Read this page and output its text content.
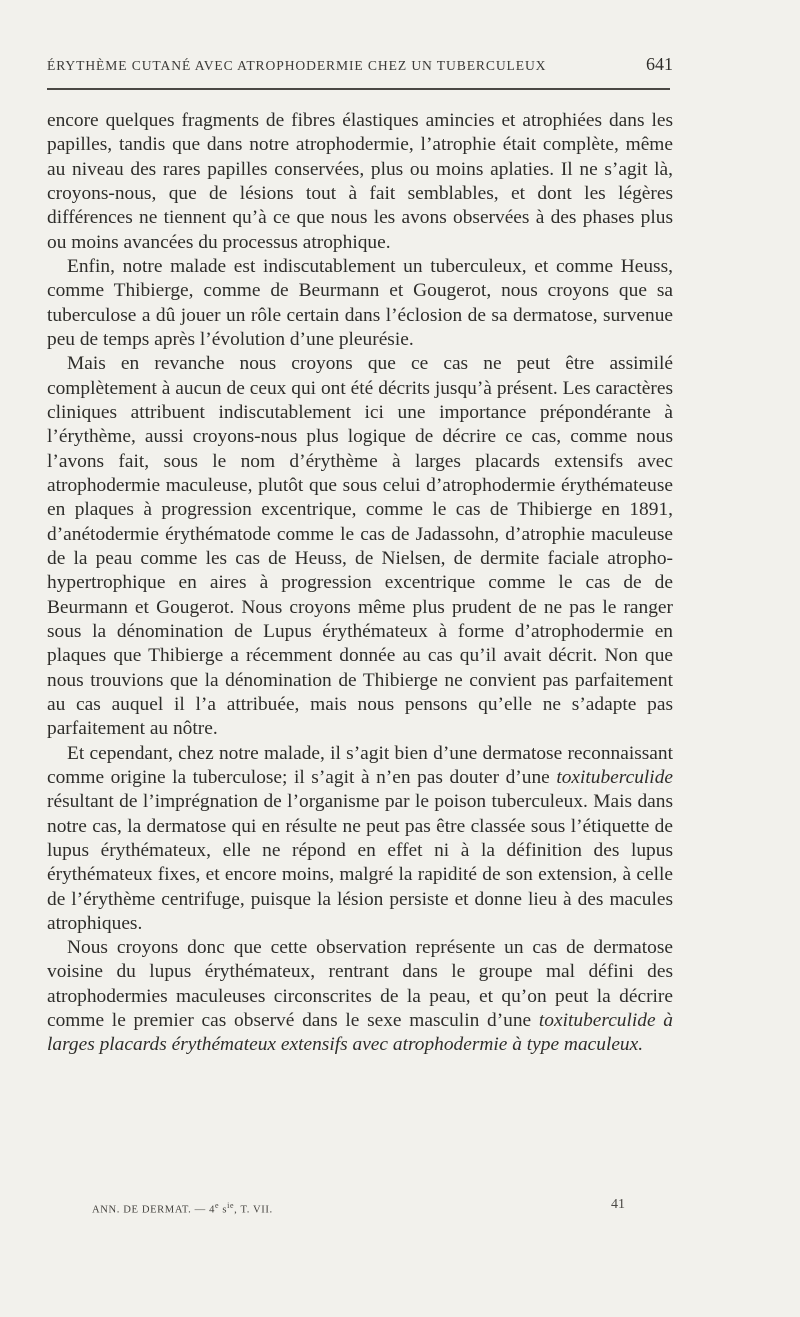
ÉRYTHÈME CUTANÉ AVEC ATROPHODERMIE CHEZ UN TUBERCULEUX	641

encore quelques fragments de fibres élastiques amincies et atrophiées dans les papilles, tandis que dans notre atrophodermie, l’atrophie était complète, même au niveau des rares papilles conservées, plus ou moins aplaties. Il ne s’agit là, croyons-nous, que de lésions tout à fait semblables, et dont les légères différences ne tiennent qu’à ce que nous les avons observées à des phases plus ou moins avancées du processus atrophique.

Enfin, notre malade est indiscutablement un tuberculeux, et comme Heuss, comme Thibierge, comme de Beurmann et Gougerot, nous croyons que sa tuberculose a dû jouer un rôle certain dans l’éclosion de sa dermatose, survenue peu de temps après l’évolution d’une pleurésie.

Mais en revanche nous croyons que ce cas ne peut être assimilé complètement à aucun de ceux qui ont été décrits jusqu’à présent. Les caractères cliniques attribuent indiscutablement ici une importance prépondérante à l’érythème, aussi croyons-nous plus logique de décrire ce cas, comme nous l’avons fait, sous le nom d’érythème à larges placards extensifs avec atrophodermie maculeuse, plutôt que sous celui d’atrophodermie érythémateuse en plaques à progression excentrique, comme le cas de Thibierge en 1891, d’anétodermie érythématode comme le cas de Jadassohn, d’atrophie maculeuse de la peau comme les cas de Heuss, de Nielsen, de dermite faciale atropho-hypertrophique en aires à progression excentrique comme le cas de de Beurmann et Gougerot. Nous croyons même plus prudent de ne pas le ranger sous la dénomination de Lupus érythémateux à forme d’atrophodermie en plaques que Thibierge a récemment donnée au cas qu’il avait décrit. Non que nous trouvions que la dénomination de Thibierge ne convient pas parfaitement au cas auquel il l’a attribuée, mais nous pensons qu’elle ne s’adapte pas parfaitement au nôtre.

Et cependant, chez notre malade, il s’agit bien d’une dermatose reconnaissant comme origine la tuberculose; il s’agit à n’en pas douter d’une toxituberculide résultant de l’imprégnation de l’organisme par le poison tuberculeux. Mais dans notre cas, la dermatose qui en résulte ne peut pas être classée sous l’étiquette de lupus érythémateux, elle ne répond en effet ni à la définition des lupus érythémateux fixes, et encore moins, malgré la rapidité de son extension, à celle de l’érythème centrifuge, puisque la lésion persiste et donne lieu à des macules atrophiques.

Nous croyons donc que cette observation représente un cas de dermatose voisine du lupus érythémateux, rentrant dans le groupe mal défini des atrophodermies maculeuses circonscrites de la peau, et qu’on peut la décrire comme le premier cas observé dans le sexe masculin d’une toxituberculide à larges placards érythémateux extensifs avec atrophodermie à type maculeux.

ANN. DE DERMAT. — 4e $s^{ie}$, T. VII.	41
